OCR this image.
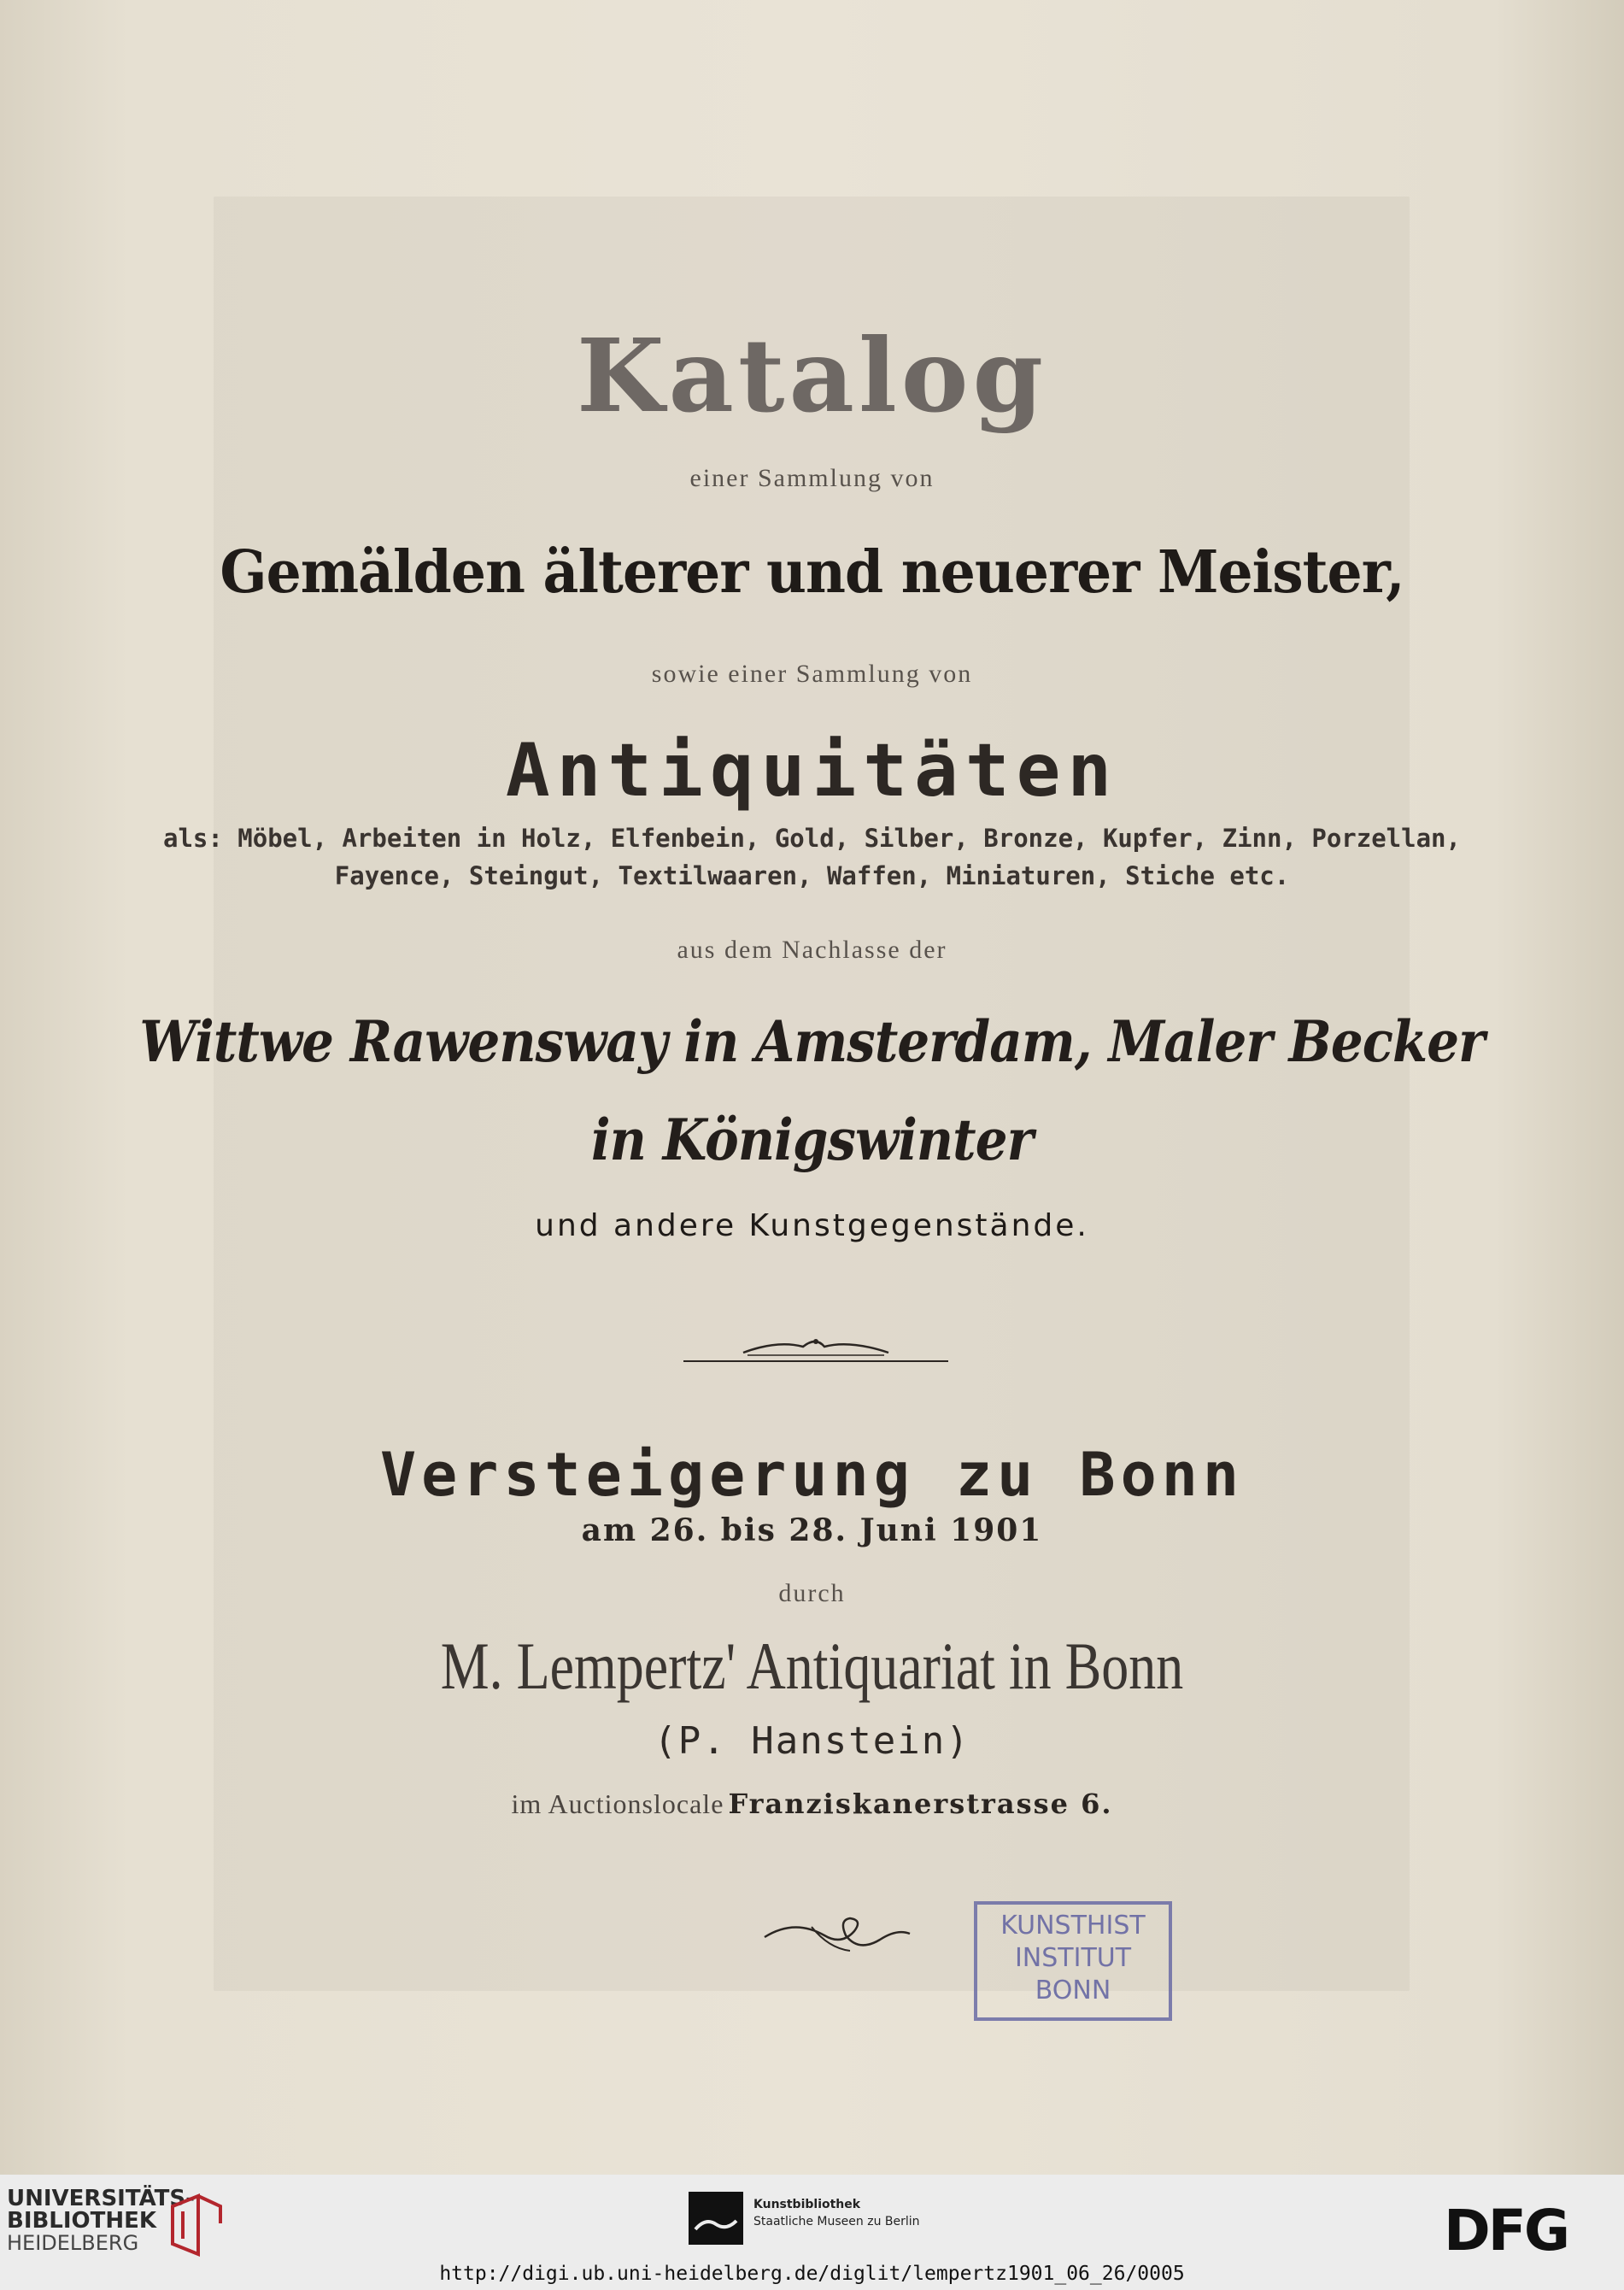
Katalog
einer Sammlung von
Gemälden älterer und neuerer Meister,
sowie einer Sammlung von
Antiquitäten
als: Möbel, Arbeiten in Holz, Elfenbein, Gold, Silber, Bronze, Kupfer, Zinn, Porzellan,
Fayence, Steingut, Textilwaaren, Waffen, Miniaturen, Stiche etc.
aus dem Nachlasse der
Wittwe Rawensway in Amsterdam, Maler Becker
in Königswinter
und andere Kunstgegenstände.
Versteigerung zu Bonn
am 26. bis 28. Juni 1901
durch
M. Lempertz' Antiquariat in Bonn
(P. Hanstein)
im Auctionslocale Franziskanerstrasse 6.
KUNSTHIST
INSTITUT
BONN
UNIVERSITÄTS-
BIBLIOTHEK
HEIDELBERG
Kunstbibliothek
Staatliche Museen zu Berlin	DFG
http://digi.ub.uni-heidelberg.de/diglit/lempertz1901_06_26/0005
